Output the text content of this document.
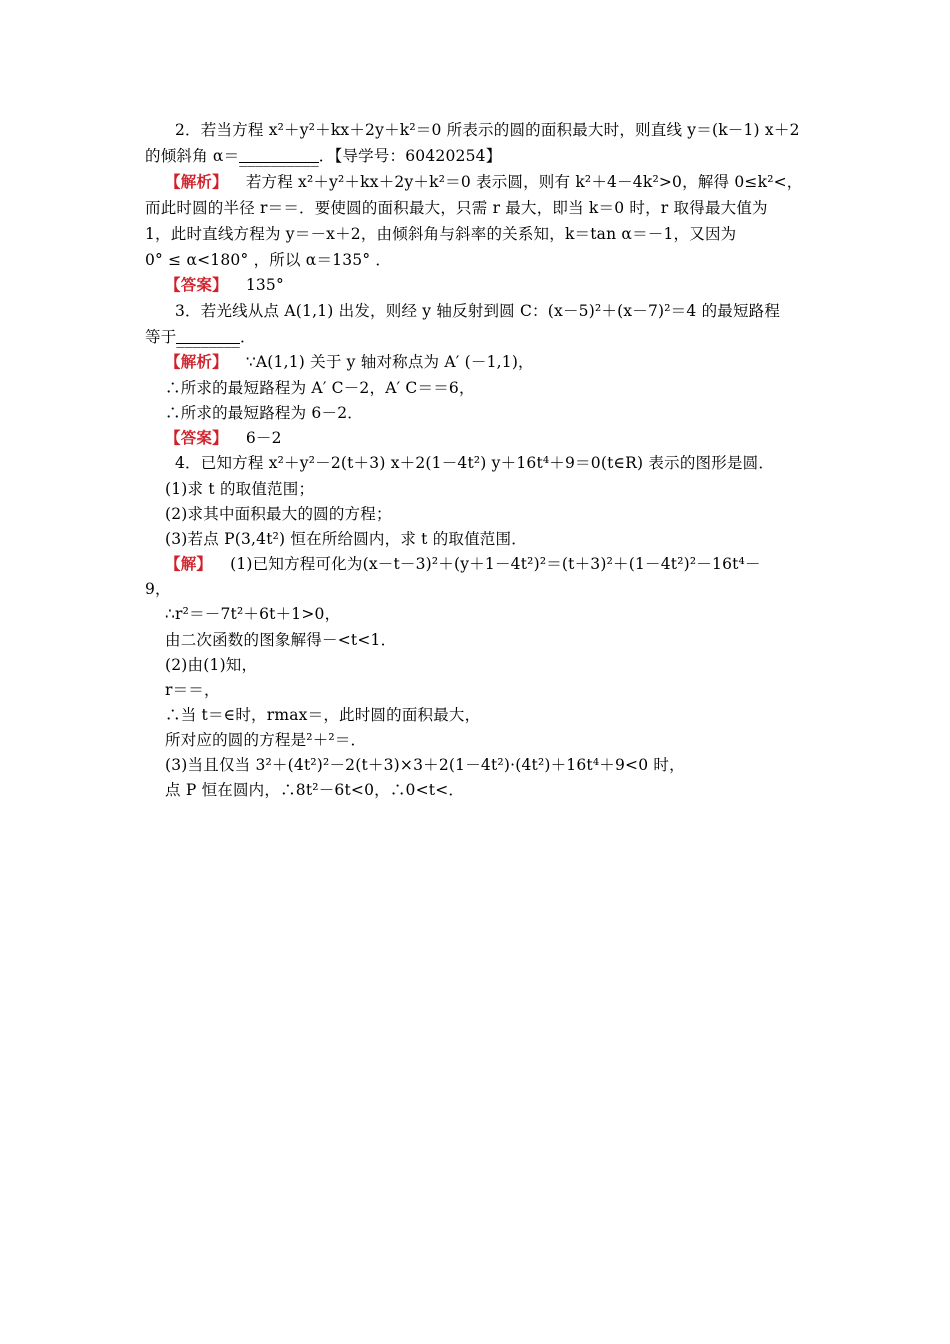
2．若当方程 x²＋y²＋kx＋2y＋k²＝0 所表示的圆的面积最大时，则直线 y＝(k－1) x＋2
的倾斜角 α＝__________．【导学号：60420254】
【解析】 若方程 x²＋y²＋kx＋2y＋k²＝0 表示圆，则有 k²＋4－4k²>0，解得 0≤k²<，
而此时圆的半径 r＝＝．要使圆的面积最大，只需 r 最大，即当 k＝0 时，r 取得最大值为
1，此时直线方程为 y＝－x＋2，由倾斜角与斜率的关系知，k＝tan α＝－1，又因为
0° ≤ α<180° ，所以 α＝135° ．
【答案】 135°
3．若光线从点 A(1,1) 出发，则经 y 轴反射到圆 C：(x－5)²＋(x－7)²＝4 的最短路程
等于________．
【解析】 ∵A(1,1) 关于 y 轴对称点为 A′ (－1,1)，
∴所求的最短路程为 A′ C－2，A′ C＝＝6，
∴所求的最短路程为 6－2．
【答案】 6－2
4．已知方程 x²＋y²－2(t＋3) x＋2(1－4t²) y＋16t⁴＋9＝0(t∈R) 表示的图形是圆．
(1)求 t 的取值范围；
(2)求其中面积最大的圆的方程；
(3)若点 P(3,4t²) 恒在所给圆内，求 t 的取值范围．
【解】 (1)已知方程可化为(x－t－3)²＋(y＋1－4t²)²＝(t＋3)²＋(1－4t²)²－16t⁴－
9，
∴r²＝－7t²＋6t＋1>0，
由二次函数的图象解得－<t<1．
(2)由(1)知，
r＝＝，
∴当 t＝∈时，rmax＝，此时圆的面积最大，
所对应的圆的方程是²＋²＝．
(3)当且仅当 3²＋(4t²)²－2(t＋3)×3＋2(1－4t²)·(4t²)＋16t⁴＋9<0 时，
点 P 恒在圆内，∴8t²－6t<0，∴0<t<．
